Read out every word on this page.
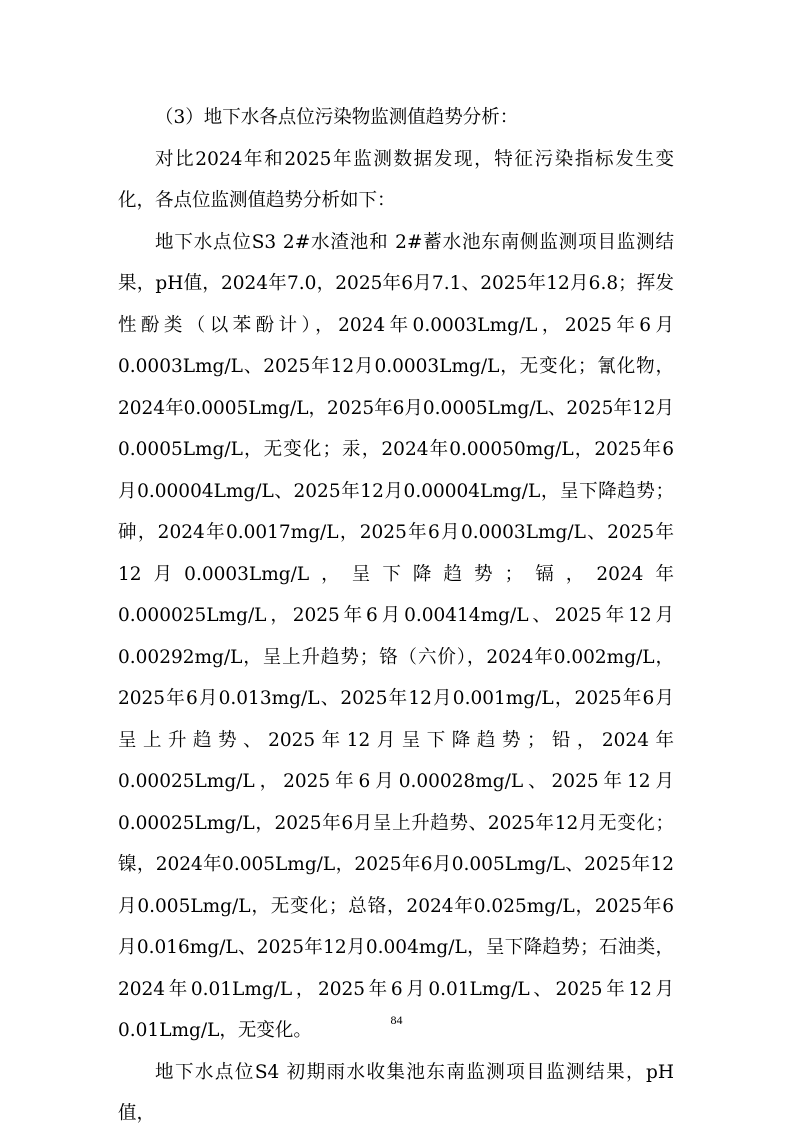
（3）地下水各点位污染物监测值趋势分析：

对比2024年和2025年监测数据发现，特征污染指标发生变化，各点位监测值趋势分析如下：

地下水点位S3 2#水渣池和 2#蓄水池东南侧监测项目监测结果，pH值，2024年7.0，2025年6月7.1、2025年12月6.8；挥发性酚类（以苯酚计），2024年0.0003Lmg/L，2025年6月0.0003Lmg/L、2025年12月0.0003Lmg/L，无变化；氰化物，2024年0.0005Lmg/L，2025年6月0.0005Lmg/L、2025年12月0.0005Lmg/L，无变化；汞，2024年0.00050mg/L，2025年6月0.00004Lmg/L、2025年12月0.00004Lmg/L，呈下降趋势；砷，2024年0.0017mg/L，2025年6月0.0003Lmg/L、2025年12月0.0003Lmg/L，呈下降趋势；镉，2024年0.000025Lmg/L，2025年6月0.00414mg/L、2025年12月0.00292mg/L，呈上升趋势；铬（六价），2024年0.002mg/L，2025年6月0.013mg/L、2025年12月0.001mg/L，2025年6月呈上升趋势、2025年12月呈下降趋势；铅，2024年0.00025Lmg/L，2025年6月0.00028mg/L、2025年12月0.00025Lmg/L，2025年6月呈上升趋势、2025年12月无变化；镍，2024年0.005Lmg/L，2025年6月0.005Lmg/L、2025年12月0.005Lmg/L，无变化；总铬，2024年0.025mg/L，2025年6月0.016mg/L、2025年12月0.004mg/L，呈下降趋势；石油类，2024年0.01Lmg/L，2025年6月0.01Lmg/L、2025年12月0.01Lmg/L，无变化。

地下水点位S4 初期雨水收集池东南监测项目监测结果，pH值，

84
